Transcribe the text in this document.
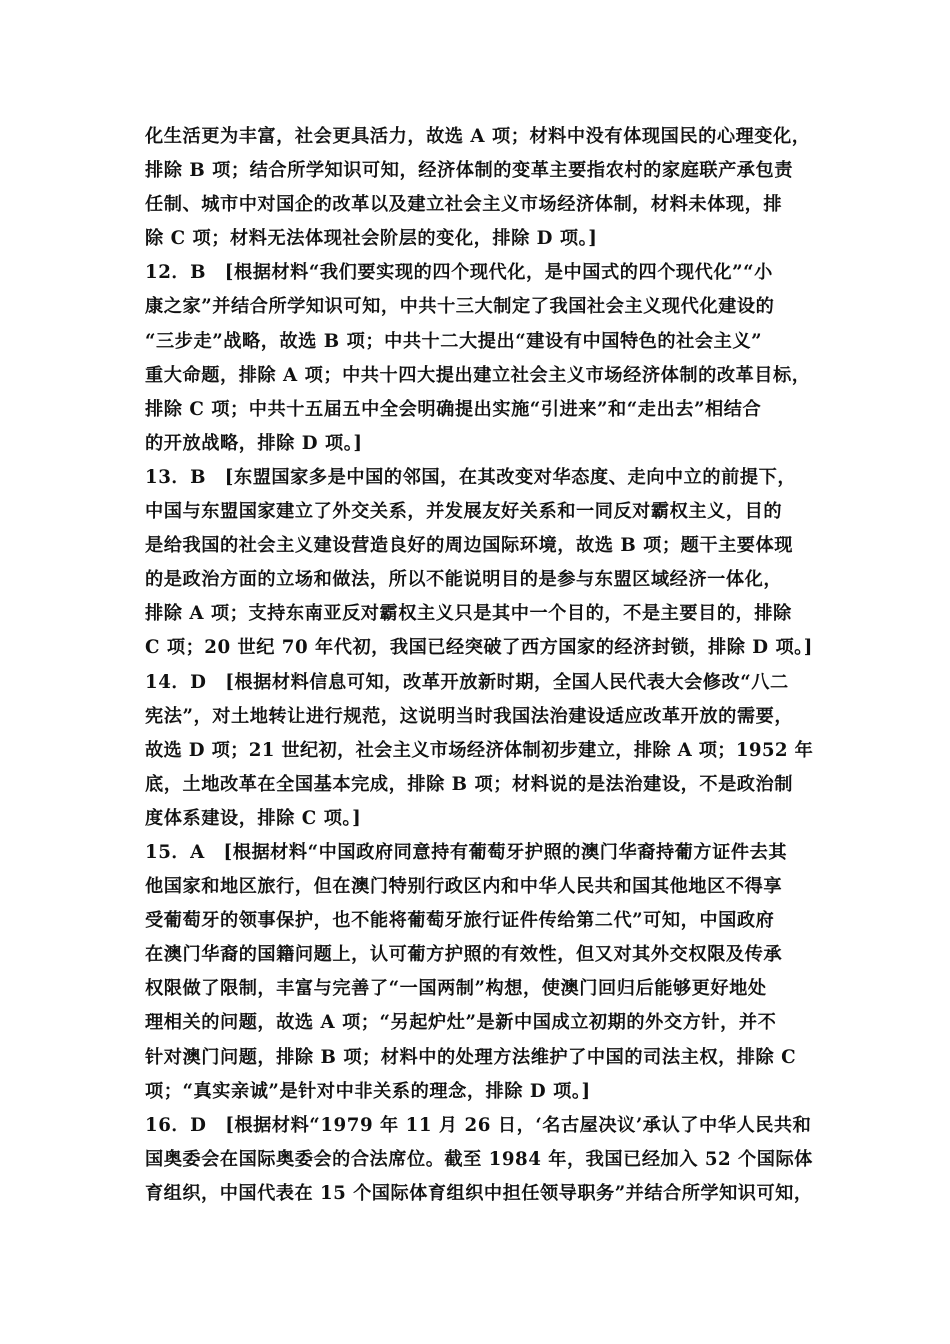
化生活更为丰富，社会更具活力，故选 A 项；材料中没有体现国民的心理变化，
排除 B 项；结合所学知识可知，经济体制的变革主要指农村的家庭联产承包责
任制、城市中对国企的改革以及建立社会主义市场经济体制，材料未体现，排
除 C 项；材料无法体现社会阶层的变化，排除 D 项。]
12．B　[根据材料“我们要实现的四个现代化，是中国式的四个现代化”“小
康之家”并结合所学知识可知，中共十三大制定了我国社会主义现代化建设的
“三步走”战略，故选 B 项；中共十二大提出“建设有中国特色的社会主义”
重大命题，排除 A 项；中共十四大提出建立社会主义市场经济体制的改革目标，
排除 C 项；中共十五届五中全会明确提出实施“引进来”和“走出去”相结合
的开放战略，排除 D 项。]
13．B　[东盟国家多是中国的邻国，在其改变对华态度、走向中立的前提下，
中国与东盟国家建立了外交关系，并发展友好关系和一同反对霸权主义，目的
是给我国的社会主义建设营造良好的周边国际环境，故选 B 项；题干主要体现
的是政治方面的立场和做法，所以不能说明目的是参与东盟区域经济一体化，
排除 A 项；支持东南亚反对霸权主义只是其中一个目的，不是主要目的，排除
C 项；20 世纪 70 年代初，我国已经突破了西方国家的经济封锁，排除 D 项。]
14．D　[根据材料信息可知，改革开放新时期，全国人民代表大会修改“八二
宪法”，对土地转让进行规范，这说明当时我国法治建设适应改革开放的需要，
故选 D 项；21 世纪初，社会主义市场经济体制初步建立，排除 A 项；1952 年
底，土地改革在全国基本完成，排除 B 项；材料说的是法治建设，不是政治制
度体系建设，排除 C 项。]
15．A　[根据材料“中国政府同意持有葡萄牙护照的澳门华裔持葡方证件去其
他国家和地区旅行，但在澳门特别行政区内和中华人民共和国其他地区不得享
受葡萄牙的领事保护，也不能将葡萄牙旅行证件传给第二代”可知，中国政府
在澳门华裔的国籍问题上，认可葡方护照的有效性，但又对其外交权限及传承
权限做了限制，丰富与完善了“一国两制”构想，使澳门回归后能够更好地处
理相关的问题，故选 A 项；“另起炉灶”是新中国成立初期的外交方针，并不
针对澳门问题，排除 B 项；材料中的处理方法维护了中国的司法主权，排除 C
项；“真实亲诚”是针对中非关系的理念，排除 D 项。]
16．D　[根据材料“1979 年 11 月 26 日，‘名古屋决议’承认了中华人民共和
国奥委会在国际奥委会的合法席位。截至 1984 年，我国已经加入 52 个国际体
育组织，中国代表在 15 个国际体育组织中担任领导职务”并结合所学知识可知，
